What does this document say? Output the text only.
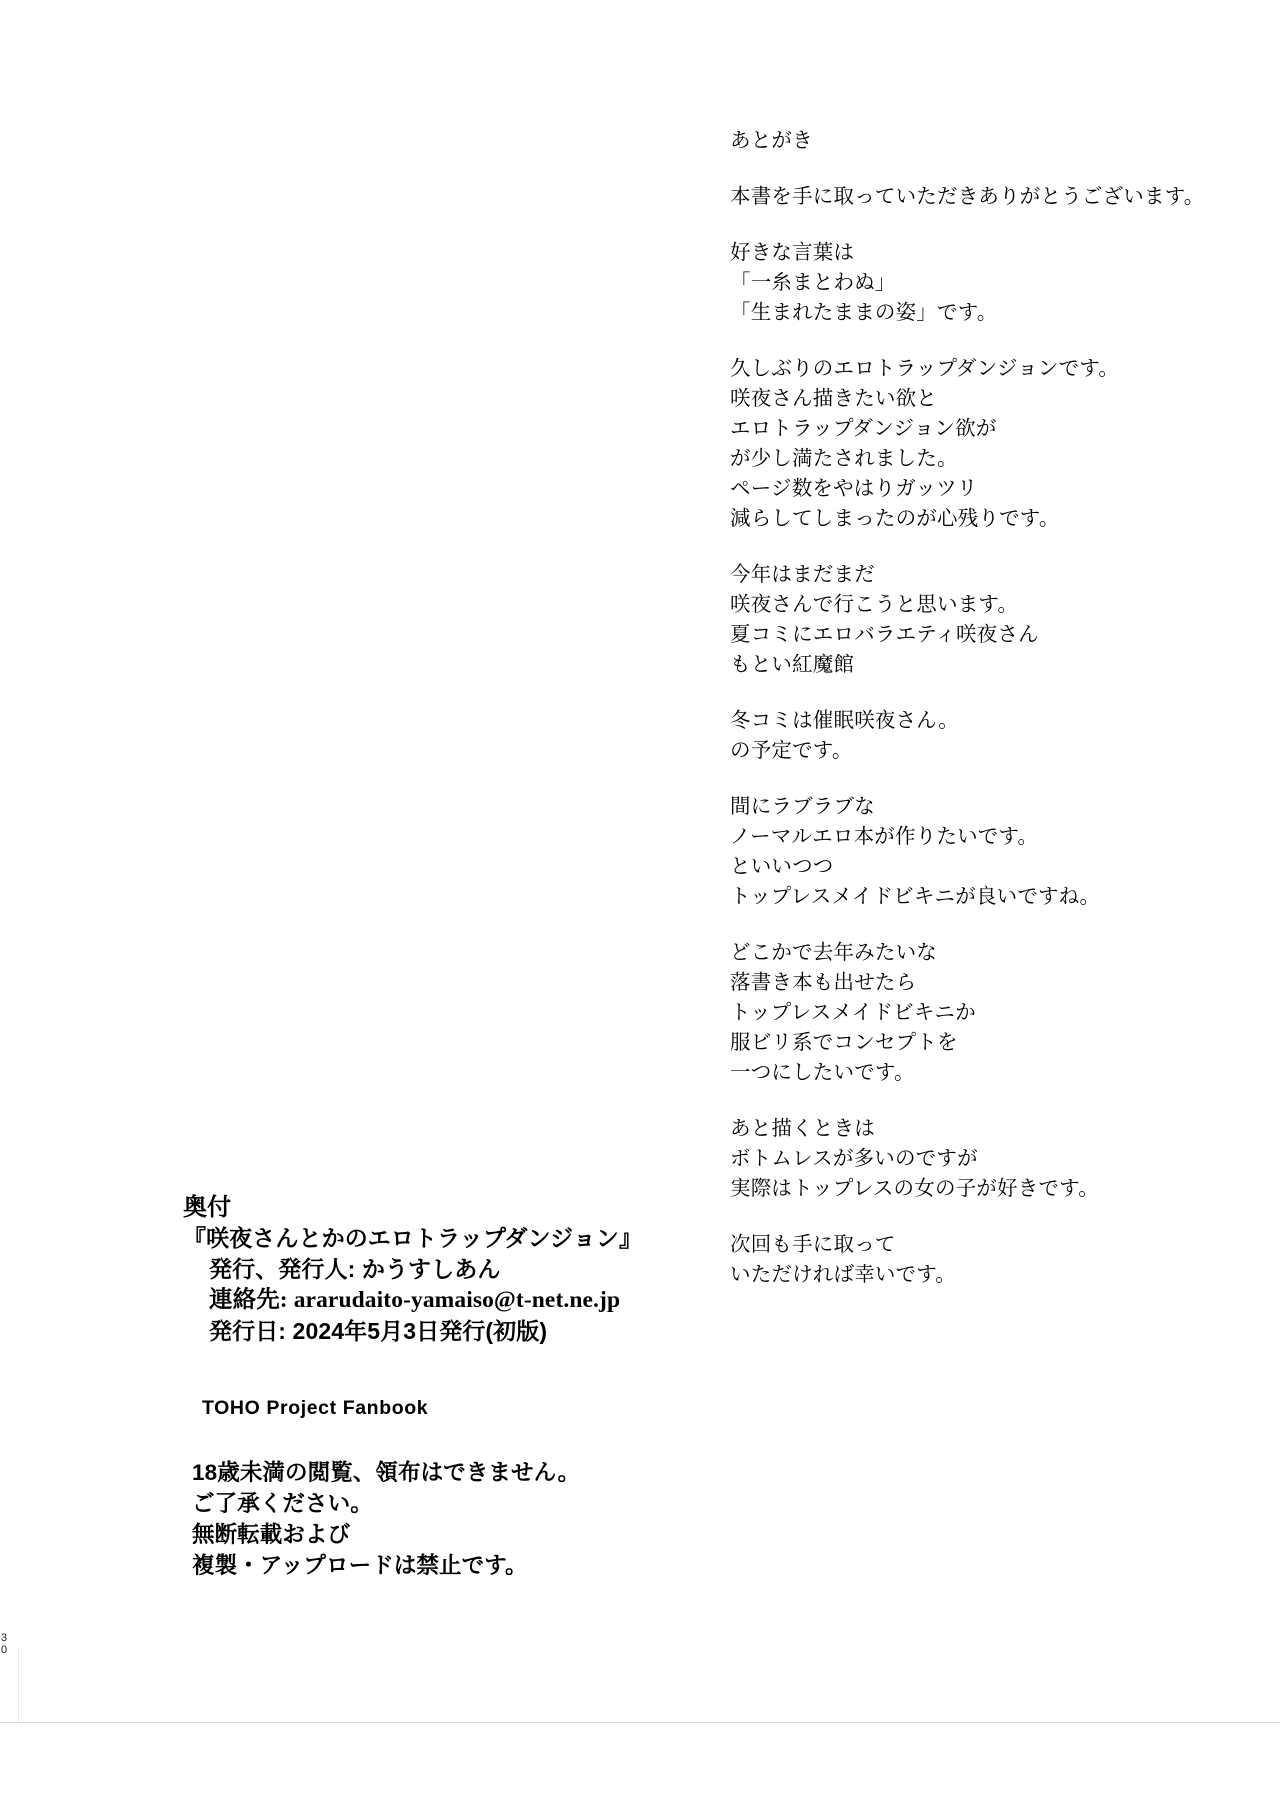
あとがき
本書を手に取っていただきありがとうございます。
好きな言葉は
「一糸まとわぬ」
「生まれたままの姿」です。
久しぶりのエロトラップダンジョンです。
咲夜さん描きたい欲と
エロトラップダンジョン欲が
が少し満たされました。
ページ数をやはりガッツリ
減らしてしまったのが心残りです。
今年はまだまだ
咲夜さんで行こうと思います。
夏コミにエロバラエティ咲夜さん
もとい紅魔館
冬コミは催眠咲夜さん。
の予定です。
間にラブラブな
ノーマルエロ本が作りたいです。
といいつつ
トップレスメイドビキニが良いですね。
どこかで去年みたいな
落書き本も出せたら
トップレスメイドビキニか
服ビリ系でコンセプトを
一つにしたいです。
あと描くときは
ボトムレスが多いのですが
実際はトップレスの女の子が好きです。
次回も手に取って
いただければ幸いです。
奥付
『咲夜さんとかのエロトラップダンジョン』
発行、発行人: かうすしあん
連絡先: ararudaito-yamaiso@t-net.ne.jp
発行日: 2024年5月3日発行(初版)
TOHO Project Fanbook
18歳未満の閲覧、領布はできません。
ご了承ください。
無断転載および
複製・アップロードは禁止です。
3
0
